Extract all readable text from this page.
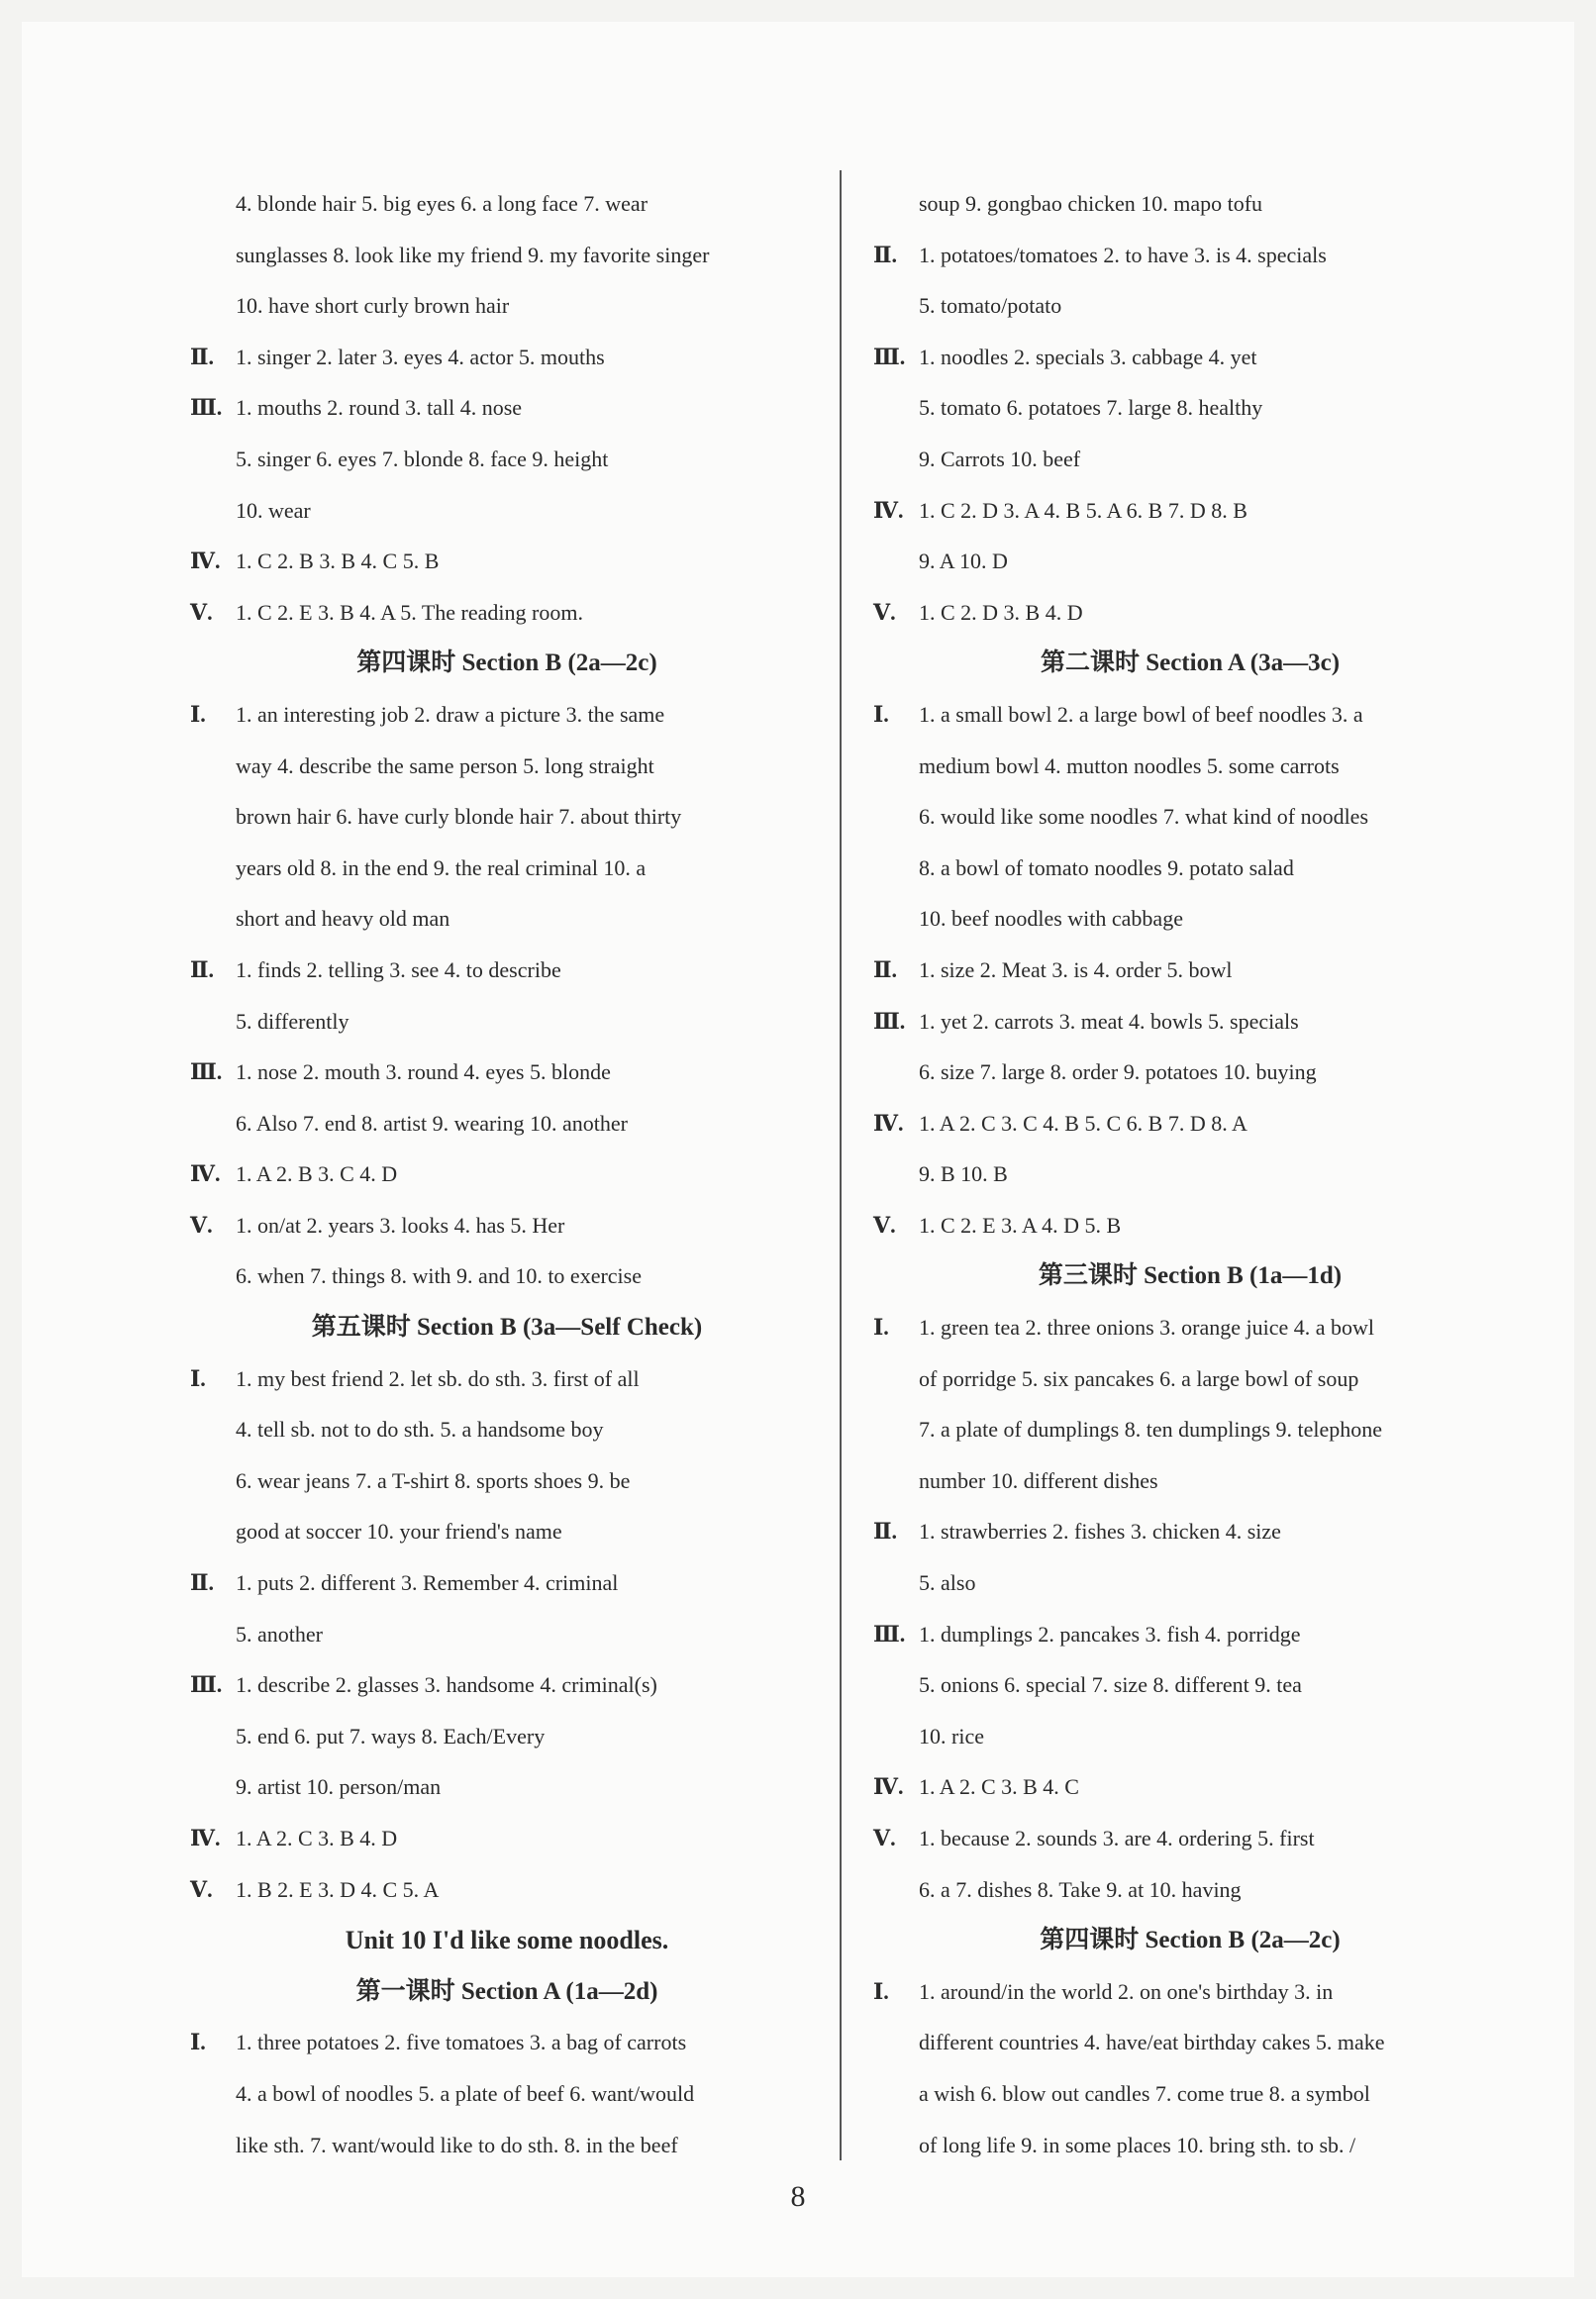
4. blonde hair 5. big eyes 6. a long face 7. wear
sunglasses 8. look like my friend 9. my favorite singer
10. have short curly brown hair
Ⅱ. 1. singer 2. later 3. eyes 4. actor 5. mouths
Ⅲ. 1. mouths 2. round 3. tall 4. nose
5. singer 6. eyes 7. blonde 8. face 9. height
10. wear
Ⅳ. 1. C 2. B 3. B 4. C 5. B
Ⅴ.	1. C 2. E 3. B 4. A 5. The reading room.
第四课时 Section B (2a—2c)
Ⅰ.	1. an interesting job 2. draw a picture 3. the same
way 4. describe the same person 5. long straight
brown hair 6. have curly blonde hair 7. about thirty
years old 8. in the end 9. the real criminal 10. a
short and heavy old man
Ⅱ. 1. finds 2. telling 3. see 4. to describe
5. differently
Ⅲ. 1. nose 2. mouth 3. round 4. eyes 5. blonde
6. Also 7. end 8. artist 9. wearing 10. another
Ⅳ. 1. A 2. B 3. C 4. D
Ⅴ.	1. on/at 2. years 3. looks 4. has 5. Her
6. when 7. things 8. with 9. and 10. to exercise
第五课时 Section B (3a—Self Check)
Ⅰ.	1. my best friend 2. let sb. do sth. 3. first of all
4. tell sb. not to do sth. 5. a handsome boy
6. wear jeans 7. a T-shirt 8. sports shoes 9. be
good at soccer 10. your friend's name
Ⅱ. 1. puts 2. different 3. Remember 4. criminal
5. another
Ⅲ. 1. describe 2. glasses 3. handsome 4. criminal(s)
5. end 6. put 7. ways 8. Each/Every
9. artist 10. person/man
Ⅳ. 1. A 2. C 3. B 4. D
Ⅴ.	1. B 2. E 3. D 4. C 5. A
Unit 10 I'd like some noodles.
第一课时 Section A (1a—2d)
Ⅰ.	1. three potatoes 2. five tomatoes 3. a bag of carrots
4. a bowl of noodles 5. a plate of beef 6. want/would
like sth. 7. want/would like to do sth. 8. in the beef
soup 9. gongbao chicken 10. mapo tofu
Ⅱ. 1. potatoes/tomatoes 2. to have 3. is 4. specials
5. tomato/potato
Ⅲ. 1. noodles 2. specials 3. cabbage 4. yet
5. tomato 6. potatoes 7. large 8. healthy
9. Carrots 10. beef
Ⅳ. 1. C 2. D 3. A 4. B 5. A 6. B 7. D 8. B
9. A 10. D
Ⅴ.	1. C 2. D 3. B 4. D
第二课时 Section A (3a—3c)
Ⅰ.	1. a small bowl 2. a large bowl of beef noodles 3. a
medium bowl 4. mutton noodles 5. some carrots
6. would like some noodles 7. what kind of noodles
8. a bowl of tomato noodles 9. potato salad
10. beef noodles with cabbage
Ⅱ. 1. size 2. Meat 3. is 4. order 5. bowl
Ⅲ. 1. yet 2. carrots 3. meat 4. bowls 5. specials
6. size 7. large 8. order 9. potatoes 10. buying
Ⅳ. 1. A 2. C 3. C 4. B 5. C 6. B 7. D 8. A
9. B 10. B
Ⅴ.	1. C 2. E 3. A 4. D 5. B
第三课时 Section B (1a—1d)
Ⅰ.	1. green tea 2. three onions 3. orange juice 4. a bowl
of porridge 5. six pancakes 6. a large bowl of soup
7. a plate of dumplings 8. ten dumplings 9. telephone
number 10. different dishes
Ⅱ. 1. strawberries 2. fishes 3. chicken 4. size
5. also
Ⅲ. 1. dumplings 2. pancakes 3. fish 4. porridge
5. onions 6. special 7. size 8. different 9. tea
10. rice
Ⅳ. 1. A 2. C 3. B 4. C
Ⅴ.	1. because 2. sounds 3. are 4. ordering 5. first
6. a 7. dishes 8. Take 9. at 10. having
第四课时 Section B (2a—2c)
Ⅰ.	1. around/in the world 2. on one's birthday 3. in
different countries 4. have/eat birthday cakes 5. make
a wish 6. blow out candles 7. come true 8. a symbol
of long life 9. in some places 10. bring sth. to sb. /
8
